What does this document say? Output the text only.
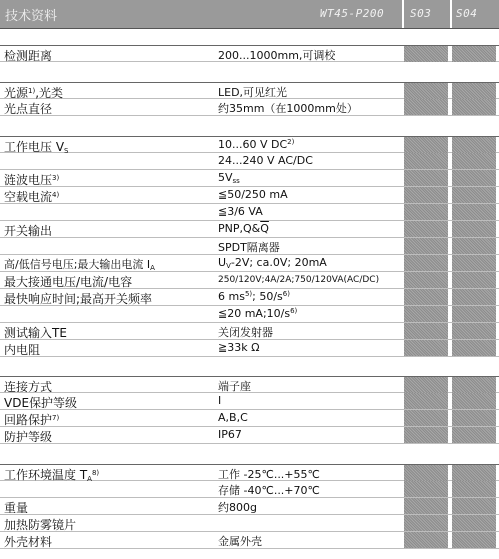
技术资料	WT45-P200 S03 S04
检测距离	200...1000mm,可调校
光源$^{1)}$,光类	LED,可见红光
光点直径	约35mm（在1000mm处）
工作电压 $V_S$	10...60 V DC$^{2)}$
24...240 V AC/DC
涟波电压$^{3)}$	$5V_{ss}$
空载电流$^{4)}$	≦50/250 mA
≦3/6 VA
开关输出	$PNP,Q\&\overline{Q}$
SPDT隔离器
高/低信号电压;最大输出电流 $I_A$	$U_V-2V$; ca.0V; 20mA
最大接通电压/电流/电容	250/120V;4A/2A;750/120VA(AC/DC)
最快响应时间;最高开关频率	6 $ms^{5)}$; $50/s^{6)}$
≦20 $mA;10/s^{6)}$
测试输入TE	关闭发射器
内电阻	≧33k Ω
连接方式	端子座
VDE保护等级	I
回路保护$^{7)}$	A,B,C
防护等级	IP67
工作环境温度 $T_A^{8)}$	工作 -25℃...+55℃
存储 -40℃...+70℃
重量	约800g
加热防雾镜片
外壳材料	金属外壳
